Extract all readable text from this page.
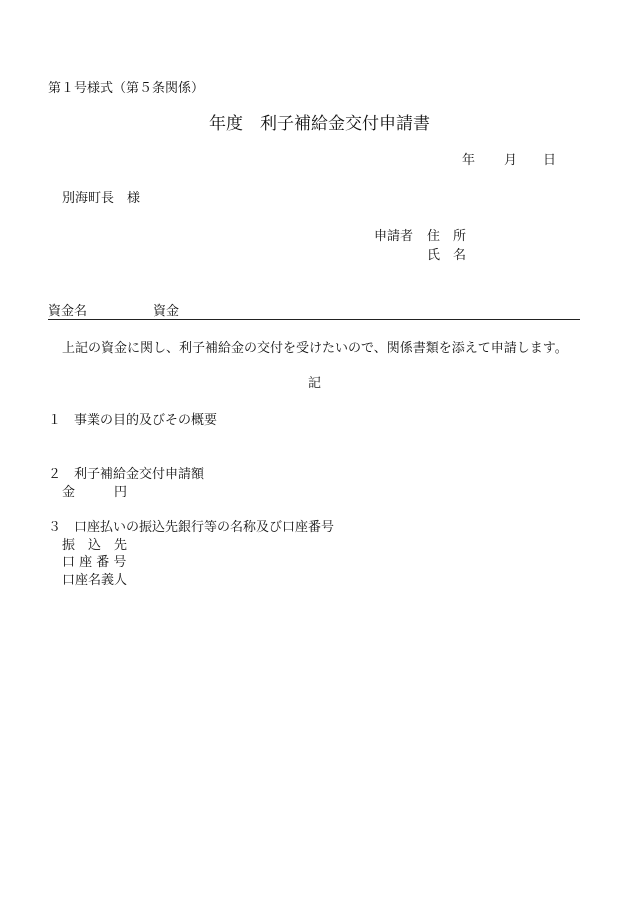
第１号様式（第５条関係）
年度　利子補給金交付申請書
年 月 日
別海町長　様
申請者 住　所
氏　名
資金名	資金
上記の資金に関し、利子補給金の交付を受けたいので、関係書類を添えて申請します。
記
１ 事業の目的及びその概要
２ 利子補給金交付申請額
金	円
３ 口座払いの振込先銀行等の名称及び口座番号
振　込　先
口 座 番 号
口座名義人
